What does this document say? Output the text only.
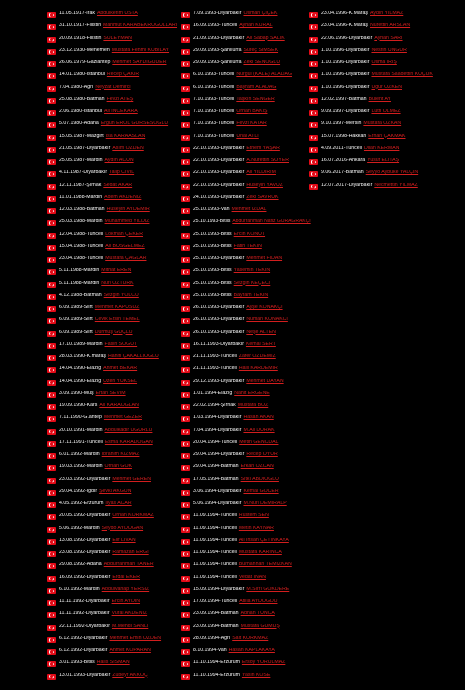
11.05.1917-Irak Abdülkerim USTA
31.10.1917-Filistin Mahmut KARABEKROĞULLARI
20.09.1918-Filistin SÜLEYMAN
23.12.1930-Menemen Mustafa Fehmi KUBİLAY
26.06.1979-Gaziantep Mehmet SAYDIGÜDER
14.01.1980-İstanbul Recep ÇAKIR
7.04.1980-Ağrı Neyzat Demirci
25.08.1980-Batman Fevzi ATEŞ
2.06.1980-İstanbul Ali İNCEKARA
5.07.1980-Adana Ergün EROL GÜRSESOĞLU
15.05.1987-Mazgirt İsa KARAASLAN
21.05.1987-Diyarbakır Asım ÖZDEN
25.05.1987-Mardin Aydın ACUN
4.11.1987-Diyarbakır Talip CİVİL
12.11.1987-Şırnak Sedat AKAR
11.01.1988-Mardin Adem AKDENİZ
12.03.1988-Batman Hüseyin AYDEMİR
25.03.1988-Mardin Muhammed YILDIZ
12.04.1988-Tunceli Lokman ÇEKER
15.04.1988-Tunceli Ali BOSGELMEZ
23.04.1988-Tunceli Mustafa ÇAĞLAR
5.11.1988-Mardin Mithat EREN
5.11.1988-Mardin Nuri ÖZTÜRK
4.12.1988-Batman Sezgin YOLCU
6.09.1989-Siirt Mehmet KAPUSUZ
6.09.1989-Siirt Cevik Ersin TEMEL
6.09.1989-Siirt Durmuş GÜÇLÜ
17.10.1989-Mardin Fasih SÖĞÜT
28.03.1990-K.maraş Hanifi ÇAKALLIOĞLU
14.04.1990-Elazığ Ahmet BEKAR
14.04.1990-Elazığ Uzeri YÜKSEL
3.09.1990-Muş Ertan SEVİM
19.09.1990-Kars Ali KARAOĞLAN
7.11.1990-G.antep Mehmet GEZER
20.10.1991-Mardin Abdulkadir UĞURLU
17.11.1991-Tunceli Esma KARADOĞAN
6.01.1992-Mardin İbrahim KIZMAZ
19.03.1992-Mardin Orhan GÖK
23.03.1992-Diyarbakır Mehmet GEREN
29.04.1992-Iğdır Şevki AKGÜN
4.05.1992-Erzurum İlyas ACAR
20.05.1992-Diyarbakır Orhan KORKMAZ
5.06.1992-Mardin Seydo AYDOĞAN
13.08.1992-Diyarbakır Elif LİVAN
23.08.1992-Diyarbakır Ramazan ERGİ
29.08.1992-Adana Abdurrahman TANER
16.09.1992-Diyarbakır Erdal EKER
6.10.1992-Mardin Abdulvahap YERSİZ
11.11.1992-Diyarbakır Ercin AYDIN
11.11.1992-Diyarbakır Vural AKDENİZ
22.11.1992-Diyarbakır M.Mehdi SANLI
6.12.1992-Diyarbakır Mehmet Emin ÖZDEN
6.12.1992-Diyarbakır Ahmet KOPARAN
3.01.1993-Bitlis Halis SİSMAN
13.01.1993-Diyarbakır Zübeyr AKKOÇ
7.09.1993-Diyarbakır Osman ÇİÇEK
16.09.1993-Tunceli Ayhan KURAL
21.09.1993-Diyarbakır Ali Sabap SALİK
29.09.1993-Şanlıurfa Süreç SİMSEK
29.09.1993-Şanlıurfa Zeki SENOĞLU
6.10.1993-Tunceli Nurgül (KALE) ALADAĞ
6.10.1993-Tunceli Bayram ALADAĞ
7.10.1993-Tunceli Taşkın SENGER
7.10.1993-Tunceli Orhan BAKIŞ
7.10.1993-Tunceli Fevzi KATAR
7.10.1993-Tunceli Ünal ATLI
22.10.1993-Diyarbakır Ethem YAŞAR
22.10.1993-Diyarbakır A.Nurettin SOYER
22.10.1993-Diyarbakır Ali YILDIRIM
22.10.1993-Diyarbakır Hüseyin YAVUZ
24.10.1993-Diyarbakır Zeki SAVRUK
25.10.1993-Van Mehmet İZDAL
25.10.1993-Bitlis Abdurrahman Nafiz GÜRAĞRAKÇI
25.10.1993-Bitlis Ercin KONUT
25.10.1993-Bitlis Fatih TEKİN
25.10.1993-Diyarbakır Mehmet FİDAN
25.10.1993-Bitlis Yasemin TEKİN
25.10.1993-Bitlis Sezgin KEÇECİ
25.10.1993-Bitlis Bayram TEKİN
26.10.1993-Diyarbakır Ayşe KONAKÇI
26.10.1993-Diyarbakır Numan KONAKCI
26.10.1993-Diyarbakır Neşe ALTEN
16.11.1993-Diyarbakır Kemal SERT
21.11.1993-Tunceli Zafer ÖZDEMİZ
21.11.1993-Tunceli Halil KARDEMİR
29.12.1993-Diyarbakır Mehmet DAYAN
1.01.1994-Elazığ Nahit ERGENE
22.02.1994-Şırnak Mustafa BOZ
1.03.1994-Diyarbakır Hasan AKAN
7.04.1994-Diyarbakır M.Ali DURAK
20.04.1994-Tunceli Metin GENCDAL
29.04.1994-Diyarbakır Recep OYUR
29.04.1994-Batman Erkan ÖZCAN
17.05.1994-Batman Sıtkı ABDİOĞLU
3.06.1994-Diyarbakır Kemal GÖCER
5.06.1994-Diyarbakır M.Nuri DEMİRALP
11.09.1994-Tunceli Rüstem SEN
11.09.1994-Tunceli Metin KAYNAR
11.09.1994-Tunceli Ali İhsan ÇETİNKAYA
11.09.1994-Tunceli Mustafa KARINCA
11.09.1994-Tunceli Burhanhan TEMİZKAN
11.09.1994-Tunceli Vedat İNAN
15.09.1994-Diyarbakır M.Sırrı GÖKDERE
17.09.1994-Tunceli Atilla AYDOĞDU
23.09.1994-Batman Adnan TUNCA
23.09.1994-Batman Mustafa GÜMÜŞ
28.09.1994-Ağrı Sait KORKMAZ
8.10.1994-Van Hasan KAPLAKAYA
11.10.1994-Erzurum Ersoy YORULMAZ
11.10.1994-Erzurum Yasin KÖSE
23.04.1996-K.Maraş Aydın YILMAZ
23.04.1996-K.Maraş Nurettin ARSLAN
22.06.1996-Diyarbakır Ayhan SARI
1.10.1996-Diyarbakır Nesrin ÜNGÜR
1.10.1996-Diyarbakır Osma İRİŞ
1.10.1996-Diyarbakır Mustafa Saadettin KÜÇÜK
1.10.1996-Diyarbakır Uğur ÖZKEN
12.02.1997-Batman Bülent AY
9.09.1997-Diyarbakır Lütfi ÖLMEZ
9.10.1997-Mersin Mustafa ÖZKAN
15.07.1998-Hakkari Erhan ÇAKMAK
4.09.2011-Tunceli Dilan KERMAN
16.07.2016-Ankara Yusuf ELİTAŞ
9.06.2017-Batman Seyyo Aybüke YALÇIN
12.07.2017-Diyarbakır Necmettin YILMAZ
